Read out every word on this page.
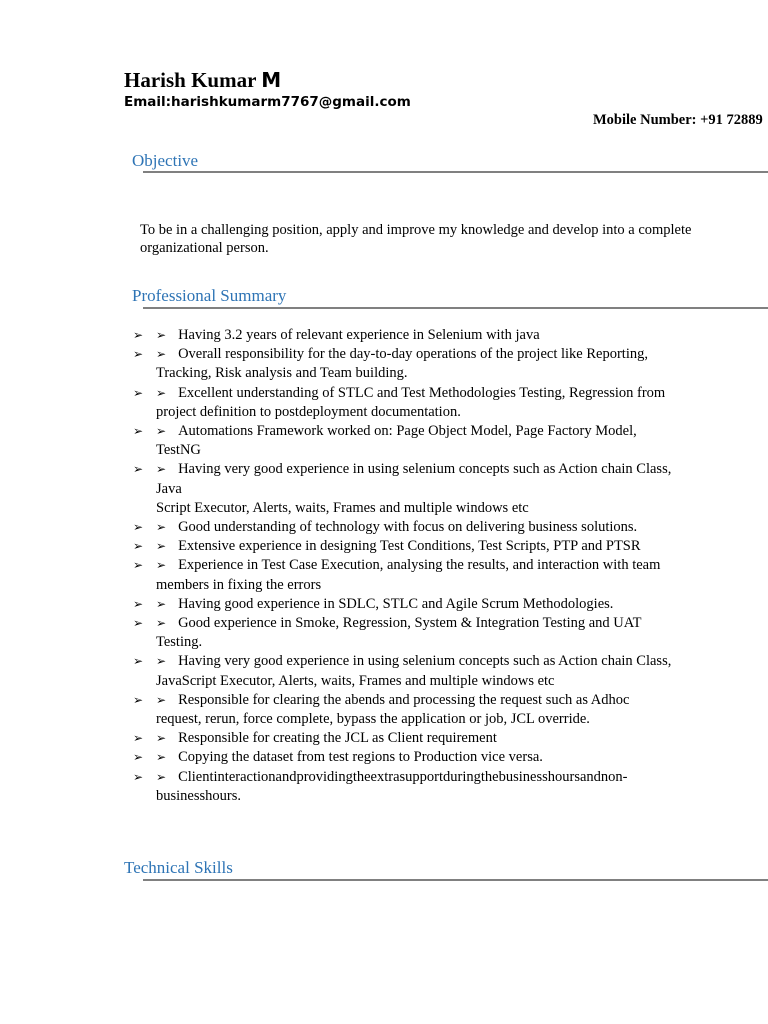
Harish Kumar M
Email:harishkumarm7767@gmail.com
Mobile Number: +91 72889
Objective
To be in a challenging position, apply and improve my knowledge and develop into a complete organizational person.
Professional Summary
➢ ➢ Having 3.2 years of relevant experience in Selenium with java
➢ ➢ Overall responsibility for the day-to-day operations of the project like Reporting,
Tracking, Risk analysis and Team building.
➢ ➢ Excellent understanding of STLC and Test Methodologies Testing, Regression from
project definition to postdeployment documentation.
➢ ➢ Automations Framework worked on: Page Object Model, Page Factory Model,
TestNG
➢ ➢ Having very good experience in using selenium concepts such as Action chain Class,
Java
Script Executor, Alerts, waits, Frames and multiple windows etc
➢ ➢ Good understanding of technology with focus on delivering business solutions.
➢ ➢ Extensive experience in designing Test Conditions, Test Scripts, PTP and PTSR
➢ ➢ Experience in Test Case Execution, analysing the results, and interaction with team
members in fixing the errors
➢ ➢ Having good experience in SDLC, STLC and Agile Scrum Methodologies.
➢ ➢ Good experience in Smoke, Regression, System & Integration Testing and UAT
Testing.
➢ ➢ Having very good experience in using selenium concepts such as Action chain Class,
JavaScript Executor, Alerts, waits, Frames and multiple windows etc
➢ ➢ Responsible for clearing the abends and processing the request such as Adhoc
request, rerun, force complete, bypass the application or job, JCL override.
➢ ➢ Responsible for creating the JCL as Client requirement
➢ ➢ Copying the dataset from test regions to Production vice versa.
➢ ➢ Clientinteractionandprovidingtheextrasupportduringthebusinesshoursandnon-
businesshours.
Technical Skills
